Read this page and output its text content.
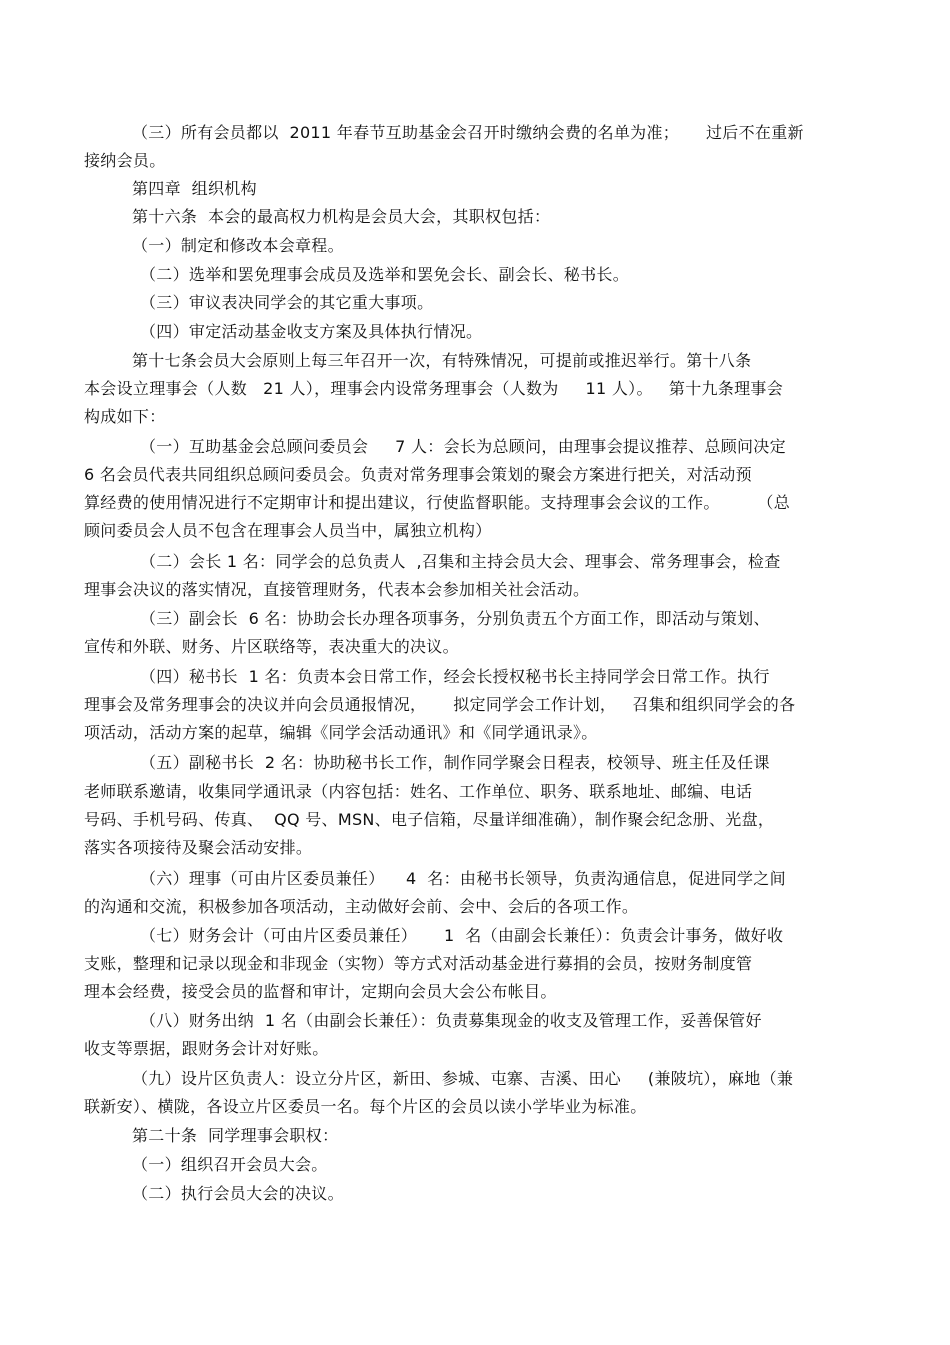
（三）所有会员都以  2011 年春节互助基金会召开时缴纳会费的名单为准；     过后不在重新
接纳会员。
第四章  组织机构
第十六条  本会的最高权力机构是会员大会，其职权包括：
（一）制定和修改本会章程。
（二）选举和罢免理事会成员及选举和罢免会长、副会长、秘书长。
（三）审议表决同学会的其它重大事项。
（四）审定活动基金收支方案及具体执行情况。
第十七条会员大会原则上每三年召开一次，有特殊情况，可提前或推迟举行。第十八条
本会设立理事会（人数   21 人），理事会内设常务理事会（人数为     11 人）。   第十九条理事会
构成如下：
（一）互助基金会总顾问委员会     7 人：会长为总顾问，由理事会提议推荐、总顾问决定
6 名会员代表共同组织总顾问委员会。负责对常务理事会策划的聚会方案进行把关，对活动预
算经费的使用情况进行不定期审计和提出建议，行使监督职能。支持理事会会议的工作。       （总
顾问委员会人员不包含在理事会人员当中，属独立机构）
（二）会长 1 名：同学会的总负责人  ,召集和主持会员大会、理事会、常务理事会，检查
理事会决议的落实情况，直接管理财务，代表本会参加相关社会活动。
（三）副会长  6 名：协助会长办理各项事务，分别负责五个方面工作，即活动与策划、
宣传和外联、财务、片区联络等，表决重大的决议。
（四）秘书长  1 名：负责本会日常工作，经会长授权秘书长主持同学会日常工作。执行
理事会及常务理事会的决议并向会员通报情况，     拟定同学会工作计划，   召集和组织同学会的各
项活动，活动方案的起草，编辑《同学会活动通讯》和《同学通讯录》。
（五）副秘书长  2 名：协助秘书长工作，制作同学聚会日程表，校领导、班主任及任课
老师联系邀请，收集同学通讯录（内容包括：姓名、工作单位、职务、联系地址、邮编、电话
号码、手机号码、传真、  QQ 号、MSN、电子信箱，尽量详细准确），制作聚会纪念册、光盘，
落实各项接待及聚会活动安排。
（六）理事（可由片区委员兼任）    4  名：由秘书长领导，负责沟通信息，促进同学之间
的沟通和交流，积极参加各项活动，主动做好会前、会中、会后的各项工作。
（七）财务会计（可由片区委员兼任）     1  名（由副会长兼任）：负责会计事务，做好收
支账，整理和记录以现金和非现金（实物）等方式对活动基金进行募捐的会员，按财务制度管
理本会经费，接受会员的监督和审计，定期向会员大会公布帐目。
（八）财务出纳  1 名（由副会长兼任）：负责募集现金的收支及管理工作，妥善保管好
收支等票据，跟财务会计对好账。
（九）设片区负责人：设立分片区，新田、参城、屯寨、吉溪、田心     (兼陂坑），麻地（兼
联新安）、横陇，各设立片区委员一名。每个片区的会员以读小学毕业为标准。
第二十条  同学理事会职权：
（一）组织召开会员大会。
（二）执行会员大会的决议。
